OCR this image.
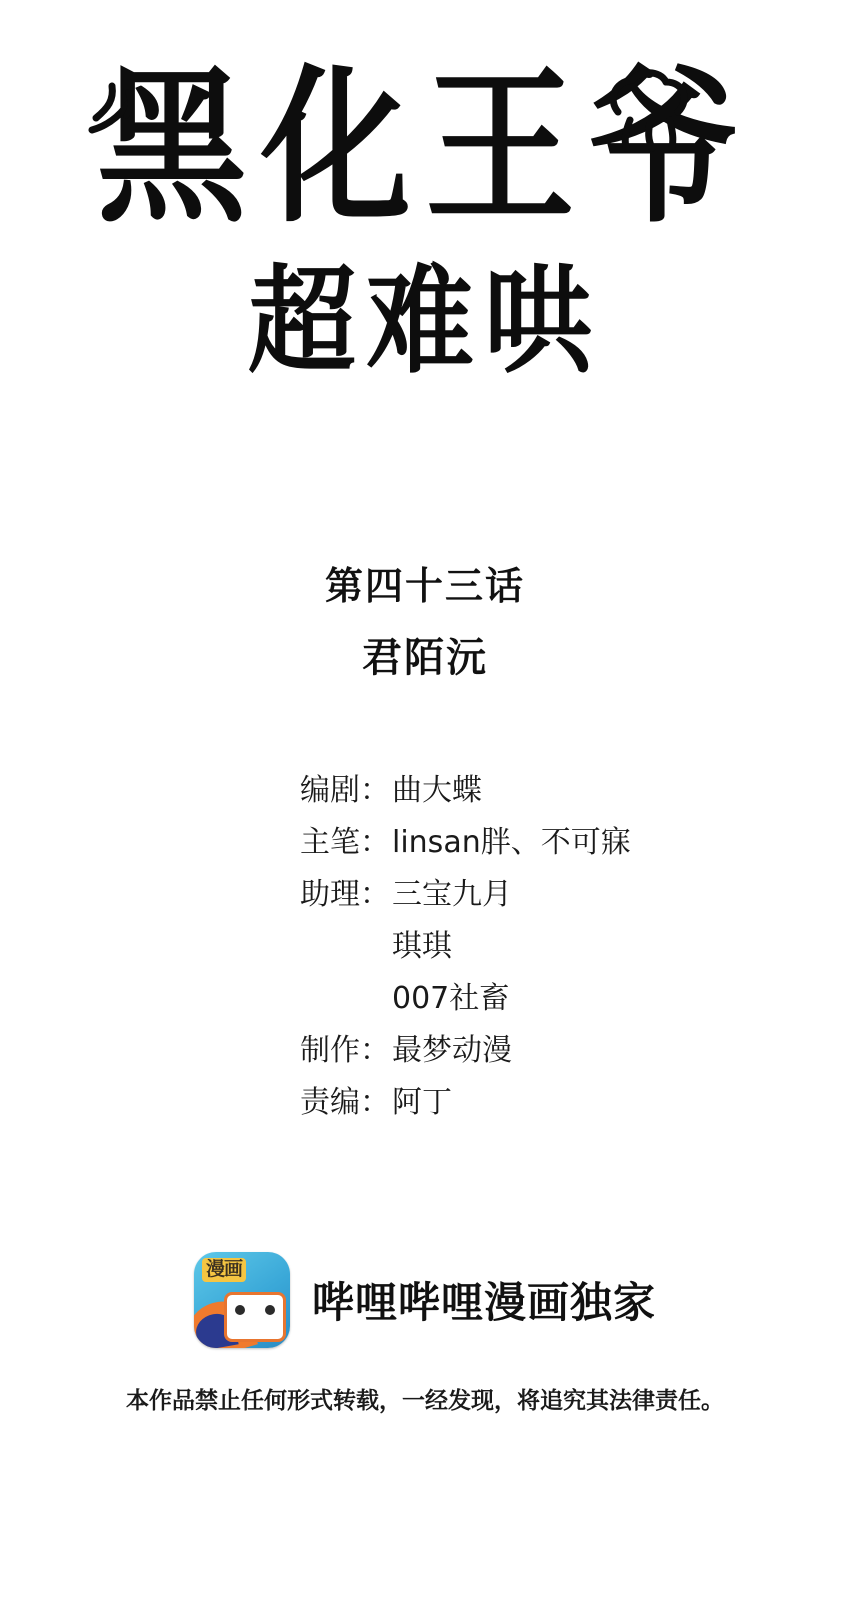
黑化王爷
超难哄
第四十三话
君陌沅
编剧： 曲大蝶
主笔： linsan胖、不可寐
助理： 三宝九月
琪琪
007社畜
制作： 最梦动漫
责编： 阿丁
漫画
哔哩哔哩漫画独家
本作品禁止任何形式转载，一经发现，将追究其法律责任。
